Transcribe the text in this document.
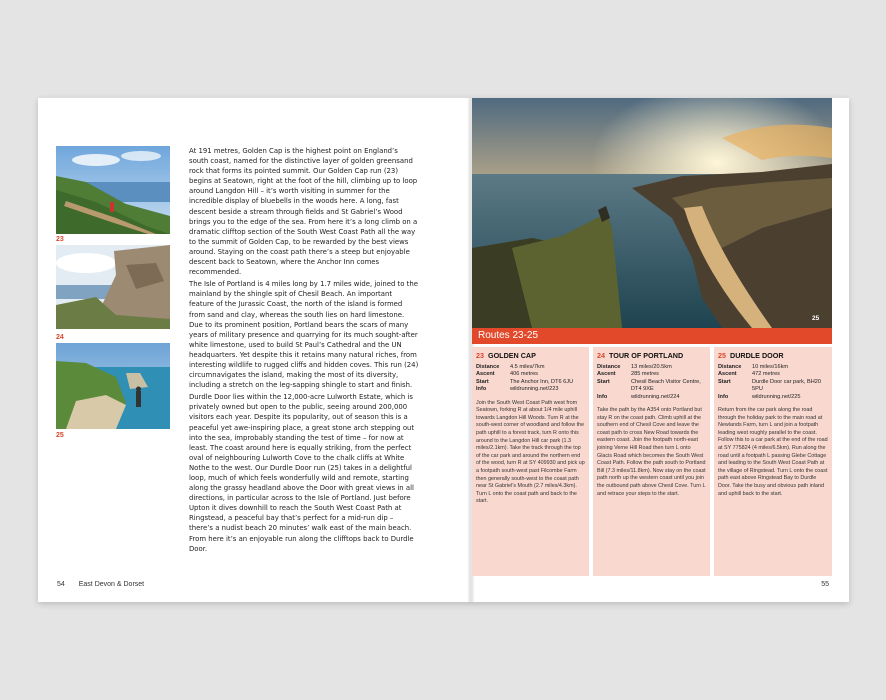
23
24
25

At 191 metres, Golden Cap is the highest point on England’s south coast, named for the distinctive layer of golden greensand rock that forms its pointed summit. Our Golden Cap run (23) begins at Seatown, right at the foot of the hill, climbing up to loop around Langdon Hill – it’s worth visiting in summer for the incredible display of bluebells in the woods here. A long, fast descent beside a stream through fields and St Gabriel’s Wood brings you to the edge of the sea. From here it’s a long climb on a dramatic clifftop section of the South West Coast Path all the way to the summit of Golden Cap, to be rewarded by the best views around. Staying on the coast path there’s a steep but enjoyable descent back to Seatown, where the Anchor Inn comes recommended.

The Isle of Portland is 4 miles long by 1.7 miles wide, joined to the mainland by the shingle spit of Chesil Beach. An important feature of the Jurassic Coast, the north of the island is formed from sand and clay, whereas the south lies on hard limestone. Due to its prominent position, Portland bears the scars of many years of military presence and quarrying for its much sought-after white limestone, used to build St Paul’s Cathedral and the UN headquarters. Yet despite this it retains many natural riches, from interesting wildlife to rugged cliffs and hidden coves. This run (24) circumnavigates the island, making the most of its diversity, including a stretch on the leg-sapping shingle to start and finish.

Durdle Door lies within the 12,000-acre Lulworth Estate, which is privately owned but open to the public, seeing around 200,000 visitors each year. Despite its popularity, out of season this is a peaceful yet awe-inspiring place, a great stone arch stepping out into the sea, improbably standing the test of time – for now at least. The coast around here is equally striking, from the perfect oval of neighbouring Lulworth Cove to the chalk cliffs at White Nothe to the west. Our Durdle Door run (25) takes in a delightful loop, much of which feels wonderfully wild and remote, starting along the grassy headland above the Door with great views in all directions, in particular across to the Isle of Portland. Just before Upton it dives downhill to reach the South West Coast Path at Ringstead, a peaceful bay that’s perfect for a mid-run dip – there’s a nudist beach 20 minutes’ walk east of the main beach. From here it’s an enjoyable run along the clifftops back to Durdle Door.

54 East Devon & Dorset
25
Routes 23-25
23 GOLDEN CAP
Distance	4.5 miles/7km
Ascent	406 metres
Start	The Anchor Inn, DT6 6JU
Info	wildrunning.net/223
Join the South West Coast Path west from Seatown, forking R at about 1/4 mile uphill towards Langdon Hill Woods. Turn R at the south-west corner of woodland and follow the path uphill to a forest track, turn R onto this around to the Langdon Hill car park (1.3 miles/2.1km). Take the track through the top of the car park and around the northern end of the wood, turn R at SY 409930 and pick up a footpath south-west past Filcombe Farm then generally south-west to the coast path near St Gabriel’s Mouth (2.7 miles/4.3km). Turn L onto the coast path and back to the start.
24 TOUR OF PORTLAND
Distance	13 miles/20.5km
Ascent	285 metres
Start	Chesil Beach Visitor Centre, DT4 9XE
Info	wildrunning.net/224
Take the path by the A354 onto Portland but stay R on the coast path. Climb uphill at the southern end of Chesil Cove and leave the coast path to cross New Road towards the eastern coast. Join the footpath north-east joining Verne Hill Road then turn L onto Glacis Road which becomes the South West Coast Path. Follow the path south to Portland Bill (7.3 miles/11.8km). Now stay on the coast path north up the western coast until you join the outbound path above Chesil Cove. Turn L and retrace your steps to the start.
25 DURDLE DOOR
Distance	10 miles/16km
Ascent	472 metres
Start	Durdle Door car park, BH20 5PU
Info	wildrunning.net/225
Return from the car park along the road through the holiday park to the main road at Newlands Farm, turn L and join a footpath leading west roughly parallel to the coast. Follow this to a car park at the end of the road at SY 775824 (4 miles/6.5km). Run along the road until a footpath L passing Glebe Cottage and leading to the South West Coast Path at the village of Ringstead. Turn L onto the coast path east above Ringstead Bay to Durdle Door. Take the busy and obvious path inland and uphill back to the start.
55
